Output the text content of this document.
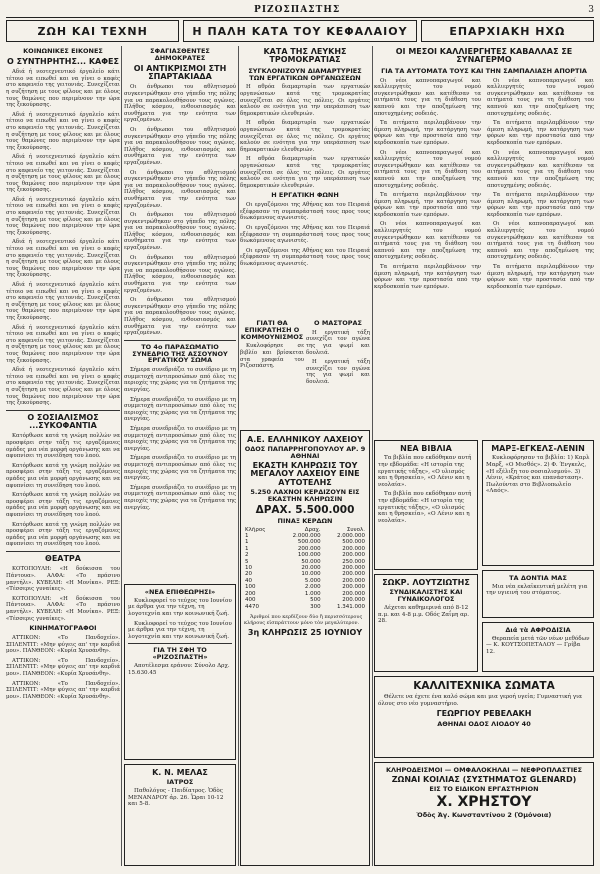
ΡΙΖΟΣΠΑΣΤΗΣ	3
ΖΩΗ ΚΑΙ ΤΕΧΝΗ	Η ΠΑΛΗ ΚΑΤΑ ΤΟΥ ΚΕΦΑΛΑΙΟΥ	ΕΠΑΡΧΙΑΚΗ ΗΧΩ
ΚΟΙΝΩΝΙΚΕΣ ΕΙΚΟΝΕΣ
Ο ΣΥΝΤΗΡΗΤΗΣ... ΚΑΦΕΣ

Αδιά ή νεοτεχνευτικό έργαλείο κάτι τέτοιο να ειπωθεί και να γίνει ο καφές στο καφενείο της γειτονιάς. Συνεχίζεται η συζήτηση με τους φίλους και με όλους τους θαμώνες που περιμένουν την ώρα της ξεκούρασης.

Αδιά ή νεοτεχνευτικό έργαλείο κάτι τέτοιο να ειπωθεί και να γίνει ο καφές στο καφενείο της γειτονιάς. Συνεχίζεται η συζήτηση με τους φίλους και με όλους τους θαμώνες που περιμένουν την ώρα της ξεκούρασης.

Αδιά ή νεοτεχνευτικό έργαλείο κάτι τέτοιο να ειπωθεί και να γίνει ο καφές στο καφενείο της γειτονιάς. Συνεχίζεται η συζήτηση με τους φίλους και με όλους τους θαμώνες που περιμένουν την ώρα της ξεκούρασης.

Αδιά ή νεοτεχνευτικό έργαλείο κάτι τέτοιο να ειπωθεί και να γίνει ο καφές στο καφενείο της γειτονιάς. Συνεχίζεται η συζήτηση με τους φίλους και με όλους τους θαμώνες που περιμένουν την ώρα της ξεκούρασης.

Αδιά ή νεοτεχνευτικό έργαλείο κάτι τέτοιο να ειπωθεί και να γίνει ο καφές στο καφενείο της γειτονιάς. Συνεχίζεται η συζήτηση με τους φίλους και με όλους τους θαμώνες που περιμένουν την ώρα της ξεκούρασης.

Αδιά ή νεοτεχνευτικό έργαλείο κάτι τέτοιο να ειπωθεί και να γίνει ο καφές στο καφενείο της γειτονιάς. Συνεχίζεται η συζήτηση με τους φίλους και με όλους τους θαμώνες που περιμένουν την ώρα της ξεκούρασης.

Αδιά ή νεοτεχνευτικό έργαλείο κάτι τέτοιο να ειπωθεί και να γίνει ο καφές στο καφενείο της γειτονιάς. Συνεχίζεται η συζήτηση με τους φίλους και με όλους τους θαμώνες που περιμένουν την ώρα της ξεκούρασης.

Αδιά ή νεοτεχνευτικό έργαλείο κάτι τέτοιο να ειπωθεί και να γίνει ο καφές στο καφενείο της γειτονιάς. Συνεχίζεται η συζήτηση με τους φίλους και με όλους τους θαμώνες που περιμένουν την ώρα της ξεκούρασης.

Ο ΣΟΣΙΑΛΙΣΜΟΣ ...ΣΥΚΟΦΑΝΤΙΑ

Κατόρθωσε κατά τη γνώμη πολλών να προσφέρει στην τάξη τις εργαζόμενες ομάδες μια νέα μορφή οργάνωσης και να αφυπνίσει τη συνείδηση του λαού.

Κατόρθωσε κατά τη γνώμη πολλών να προσφέρει στην τάξη τις εργαζόμενες ομάδες μια νέα μορφή οργάνωσης και να αφυπνίσει τη συνείδηση του λαού.

Κατόρθωσε κατά τη γνώμη πολλών να προσφέρει στην τάξη τις εργαζόμενες ομάδες μια νέα μορφή οργάνωσης και να αφυπνίσει τη συνείδηση του λαού.

Κατόρθωσε κατά τη γνώμη πολλών να προσφέρει στην τάξη τις εργαζόμενες ομάδες μια νέα μορφή οργάνωσης και να αφυπνίσει τη συνείδηση του λαού.

ΘΕΑΤΡΑ

ΚΟΤΟΠΟΥΛΗ: «Η δούκισσα του Πάντουα». ΑΛΦΑ: «Το πράσινο μαντήλι». ΚΥΒΕΛΗ: «Η Μονίκα». ΡΕΞ: «Τέσσερις γυναίκες».

ΚΟΤΟΠΟΥΛΗ: «Η δούκισσα του Πάντουα». ΑΛΦΑ: «Το πράσινο μαντήλι». ΚΥΒΕΛΗ: «Η Μονίκα». ΡΕΞ: «Τέσσερις γυναίκες».

ΚΙΝΗΜΑΤΟΓΡΑΦΟΙ

ΑΤΤΙΚΟΝ: «Το Πανδοχείο». ΣΠΛΕΝΤΙΤ: «Μην φύγεις απ' την καρδιά μου». ΠΑΝΘΕΟΝ: «Κυρία Χρυσάνθη».

ΑΤΤΙΚΟΝ: «Το Πανδοχείο». ΣΠΛΕΝΤΙΤ: «Μην φύγεις απ' την καρδιά μου». ΠΑΝΘΕΟΝ: «Κυρία Χρυσάνθη».

ΑΤΤΙΚΟΝ: «Το Πανδοχείο». ΣΠΛΕΝΤΙΤ: «Μην φύγεις απ' την καρδιά μου». ΠΑΝΘΕΟΝ: «Κυρία Χρυσάνθη».

ΣΦΑΓΙΑΣΘΕΝΤΕΣ ΔΗΜΟΚΡΑΤΕΣ
ΟΙ ΑΝΤΙΚΡΙΣΜΟΙ ΣΤΗ ΣΠΑΡΤΑΚΙΑΔΑ

Οι άνθρωποι του αθλητισμού συγκεντρώθηκαν στο γήπεδο της πόλης για να παρακολουθήσουν τους αγώνες. Πλήθος κόσμου, ενθουσιασμός και συνθήματα για την ενότητα των εργαζομένων.

Οι άνθρωποι του αθλητισμού συγκεντρώθηκαν στο γήπεδο της πόλης για να παρακολουθήσουν τους αγώνες. Πλήθος κόσμου, ενθουσιασμός και συνθήματα για την ενότητα των εργαζομένων.

Οι άνθρωποι του αθλητισμού συγκεντρώθηκαν στο γήπεδο της πόλης για να παρακολουθήσουν τους αγώνες. Πλήθος κόσμου, ενθουσιασμός και συνθήματα για την ενότητα των εργαζομένων.

Οι άνθρωποι του αθλητισμού συγκεντρώθηκαν στο γήπεδο της πόλης για να παρακολουθήσουν τους αγώνες. Πλήθος κόσμου, ενθουσιασμός και συνθήματα για την ενότητα των εργαζομένων.

Οι άνθρωποι του αθλητισμού συγκεντρώθηκαν στο γήπεδο της πόλης για να παρακολουθήσουν τους αγώνες. Πλήθος κόσμου, ενθουσιασμός και συνθήματα για την ενότητα των εργαζομένων.

Οι άνθρωποι του αθλητισμού συγκεντρώθηκαν στο γήπεδο της πόλης για να παρακολουθήσουν τους αγώνες. Πλήθος κόσμου, ενθουσιασμός και συνθήματα για την ενότητα των εργαζομένων.

ΤΟ 4ο ΠΑΡΑΣΩΜΑΤΙΟ ΣΥΝΕΔΡΙΟ ΤΗΣ ΑΣΣΟΥΝΟΥ ΕΡΓΑΤΙΚΟΥ ΣΩΜΑ

Σήμερα συνεδριάζει το συνέδριο με τη συμμετοχή αντιπροσώπων από όλες τις περιοχές της χώρας για τα ζητήματα της ανεργίας.

Σήμερα συνεδριάζει το συνέδριο με τη συμμετοχή αντιπροσώπων από όλες τις περιοχές της χώρας για τα ζητήματα της ανεργίας.

Σήμερα συνεδριάζει το συνέδριο με τη συμμετοχή αντιπροσώπων από όλες τις περιοχές της χώρας για τα ζητήματα της ανεργίας.

Σήμερα συνεδριάζει το συνέδριο με τη συμμετοχή αντιπροσώπων από όλες τις περιοχές της χώρας για τα ζητήματα της ανεργίας.

Σήμερα συνεδριάζει το συνέδριο με τη συμμετοχή αντιπροσώπων από όλες τις περιοχές της χώρας για τα ζητήματα της ανεργίας.

«ΝΕΑ ΕΠΙΘΕΩΡΗΣΙ»

Κυκλοφορεί το τεύχος του Ιουνίου με άρθρα για την τέχνη, τη λογοτεχνία και την κοινωνική ζωή.

Κυκλοφορεί το τεύχος του Ιουνίου με άρθρα για την τέχνη, τη λογοτεχνία και την κοινωνική ζωή.

ΓΙΑ ΤΗ ΣΦΗ ΤΟ «ΡΙΖΟΣΠΑΣΤΗ»

Αποτέλεσμα εράνου: Σύνολο Δρχ. 15.630.45

Κ. Ν. ΜΕΛΑΣ
ΙΑΤΡΟΣ

Παθολόγος - Παιδίατρος. Ὁδὸς ΜΕΝΑΝΔΡΟΥ ἀρ. 26. Ὧραι 10-12 και 5-8.

ΚΑΤΑ ΤΗΣ ΛΕΥΚΗΣ ΤΡΟΜΟΚΡΑΤΙΑΣ
ΣΥΓΚΛΟΝΙΖΟΥΝ ΔΙΑΜΑΡΤΥΡΙΕΣ ΤΩΝ ΕΡΓΑΤΙΚΩΝ ΟΡΓΑΝΩΣΕΩΝ

Η αθρόα διαμαρτυρία των εργατικών οργανώσεων κατά της τρομοκρατίας συνεχίζεται σε όλες τις πόλεις. Οι εργάτες καλούν σε ενότητα για την υπεράσπιση των δημοκρατικών ελευθεριών.

Η αθρόα διαμαρτυρία των εργατικών οργανώσεων κατά της τρομοκρατίας συνεχίζεται σε όλες τις πόλεις. Οι εργάτες καλούν σε ενότητα για την υπεράσπιση των δημοκρατικών ελευθεριών.

Η αθρόα διαμαρτυρία των εργατικών οργανώσεων κατά της τρομοκρατίας συνεχίζεται σε όλες τις πόλεις. Οι εργάτες καλούν σε ενότητα για την υπεράσπιση των δημοκρατικών ελευθεριών.

Η ΕΡΓΑΤΙΚΗ ΦΩΝΗ

Οι εργαζόμενοι της Αθήνας και του Πειραιά εξέφρασαν τη συμπαράστασή τους προς τους διωκόμενους αγωνιστές.

Οι εργαζόμενοι της Αθήνας και του Πειραιά εξέφρασαν τη συμπαράστασή τους προς τους διωκόμενους αγωνιστές.

Οι εργαζόμενοι της Αθήνας και του Πειραιά εξέφρασαν τη συμπαράστασή τους προς τους διωκόμενους αγωνιστές.

ΓΙΑΤΙ ΘΑ ΕΠΙΚΡΑΤΗΣΗ Ο ΚΟΜΜΟΥΝΙΣΜΟΣ

Κυκλοφόρησε σε βιβλίο και βρίσκεται στα γραφεία του Ριζοσπάστη.

Ο ΜΑΣΤΟΡΑΣ

Η εργατική τάξη συνεχίζει τον αγώνα της για ψωμί και δουλειά.

Η εργατική τάξη συνεχίζει τον αγώνα της για ψωμί και δουλειά.

Α.Ε. ΕΛΛΗΝΙΚΟΥ ΛΑΧΕΙΟΥ
ΟΔΟΣ ΠΑΠΑΡΡΗΓΟΠΟΥΛΟΥ ΑΡ. 9 ΑΘΗΝΑΙ
ΕΚΑΣΤΗ ΚΛΗΡΩΣΙΣ ΤΟΥ ΜΕΓΑΛΟΥ ΛΑΧΕΙΟΥ ΕΙΝΕ ΑΥΤΟΤΕΛΗΣ
5.250 ΛΑΧΝΟΙ ΚΕΡΔΙΖΟΥΝ ΕΙΣ ΕΚΑΣΤΗΝ ΚΛΗΡΩΣΙΝ
ΔΡΑΧ. 5.500.000
ΠΙΝΑΞ ΚΕΡΔΩΝ
Κλῆρος	Δραχ.	Συνολ.
1	2.000.000	2.000.000
1	500.000	500.000
1	200.000	200.000
2	100.000	200.000
5	50.000	250.000
10	20.000	200.000
20	10.000	200.000
40	5.000	200.000
100	2.000	200.000
200	1.000	200.000
400	500	200.000
4470	300	1.341.000

Ἀριθμοί που κερδίζουν δύο ἢ περισσότερους κλήρους εἰσπράττουν μόνο τὸν μεγαλύτερον.

3η ΚΛΗΡΩΣΙΣ 25 ΙΟΥΝΙΟΥ
ΟΙ ΜΕΣΟΙ ΚΑΛΛΙΕΡΓΗΤΕΣ ΚΑΒΑΛΛΑΣ ΣΕ ΣΥΝΑΓΕΡΜΟ
ΓΙΑ ΤΑ ΑΥΤΟΜΑΤΑ ΤΟΥΣ ΚΑΙ ΤΗΝ ΣΑΜΠΑΛΙΑΣΗ ΑΠΟΡΤΙΑ

Οι νέοι καπνοπαραγωγοί και καλλιεργητές του νομού συγκεντρώθηκαν και κατέθεσαν τα αιτήματά τους για τη διάθεση του καπνού και την αποζημίωση της αποτυχημένης σοδειάς.

Τα αιτήματα περιλαμβάνουν την άμεση πληρωμή, την κατάργηση των φόρων και την προστασία από την κερδοσκοπία των εμπόρων.

Οι νέοι καπνοπαραγωγοί και καλλιεργητές του νομού συγκεντρώθηκαν και κατέθεσαν τα αιτήματά τους για τη διάθεση του καπνού και την αποζημίωση της αποτυχημένης σοδειάς.

Τα αιτήματα περιλαμβάνουν την άμεση πληρωμή, την κατάργηση των φόρων και την προστασία από την κερδοσκοπία των εμπόρων.

Οι νέοι καπνοπαραγωγοί και καλλιεργητές του νομού συγκεντρώθηκαν και κατέθεσαν τα αιτήματά τους για τη διάθεση του καπνού και την αποζημίωση της αποτυχημένης σοδειάς.

Τα αιτήματα περιλαμβάνουν την άμεση πληρωμή, την κατάργηση των φόρων και την προστασία από την κερδοσκοπία των εμπόρων.

Οι νέοι καπνοπαραγωγοί και καλλιεργητές του νομού συγκεντρώθηκαν και κατέθεσαν τα αιτήματά τους για τη διάθεση του καπνού και την αποζημίωση της αποτυχημένης σοδειάς.

Τα αιτήματα περιλαμβάνουν την άμεση πληρωμή, την κατάργηση των φόρων και την προστασία από την κερδοσκοπία των εμπόρων.

Οι νέοι καπνοπαραγωγοί και καλλιεργητές του νομού συγκεντρώθηκαν και κατέθεσαν τα αιτήματά τους για τη διάθεση του καπνού και την αποζημίωση της αποτυχημένης σοδειάς.

Τα αιτήματα περιλαμβάνουν την άμεση πληρωμή, την κατάργηση των φόρων και την προστασία από την κερδοσκοπία των εμπόρων.

Οι νέοι καπνοπαραγωγοί και καλλιεργητές του νομού συγκεντρώθηκαν και κατέθεσαν τα αιτήματά τους για τη διάθεση του καπνού και την αποζημίωση της αποτυχημένης σοδειάς.

Τα αιτήματα περιλαμβάνουν την άμεση πληρωμή, την κατάργηση των φόρων και την προστασία από την κερδοσκοπία των εμπόρων.

ΝΕΑ ΒΙΒΛΙΑ

Τα βιβλία που εκδόθηκαν αυτή την εβδομάδα: «Η ιστορία της εργατικής τάξης», «Ο υλισμός και η θρησκεία», «Ο Λένιν και η νεολαία».

Τα βιβλία που εκδόθηκαν αυτή την εβδομάδα: «Η ιστορία της εργατικής τάξης», «Ο υλισμός και η θρησκεία», «Ο Λένιν και η νεολαία».

ΜΑΡΞ-ΕΓΚΕΛΣ-ΛΕΝΙΝ

Κυκλοφόρησαν τα βιβλία: 1) Καρλ Μαρξ, «Ο Μισθός». 2) Φ. Ένγκελς, «Η εξέλιξη του σοσιαλισμού». 3) Λένιν, «Κράτος και επανάσταση». Πωλούνται στο Βιβλιοπωλείο «Λαός».

ΣΩΚΡ. ΛΟΥΤΖΙΩΤΗΣ
ΣΥΝΔΙΚΑΛΙΣΤΗΣ ΚΑΙ ΓΥΝΑΙΚΟΛΟΓΟΣ

Δέχεται καθημερινά από 8-12 π.μ. και 4-8 μ.μ. Οδός Ζαΐμη αρ. 28.

ΤΑ ΔΟΝΤΙΑ ΜΑΣ

Μια νέα εκλαϊκευτική μελέτη για την υγιεινή του στόματος.

Διά τὰ ΑΦΡΟΔΙΣΙΑ

Θεραπεία μετά τῶν νέων μεθόδων — Κ. ΚΟΥΤΣΟΠΕΤΑΛΟΥ — Γρίβα 12.

ΚΑΛΛΙΤΕΧΝΙΚΑ ΣΩΜΑΤΑ

Θέλετε να έχετε ένα καλό σώμα και μια γεροή υγεία; Γυμναστική για όλους στο νέο γυμναστήριο.

ΓΕΩΡΓΙΟΥ ΡΕΒΕΛΑΚΗ
ΑΘΗΝΑΙ ΟΔΟΣ ΛΙΟΔΟΥ 40
ΚΛΗΡΟΔΕΙΣΜΟΙ — ΟΜΦΑΛΟΚΗΛΑΙ — ΝΕΦΡΟΠΛΑΣΤΙΕΣ
ΖΩΝΑΙ ΚΟΙΛΙΑΣ (ΣΥΣΤΗΜΑΤΟΣ GLENARD)
ΕΙΣ ΤΟ ΕΙΔΙΚΟΝ ΕΡΓΑΣΤΗΡΙΟΝ
Χ. ΧΡΗΣΤΟΥ
Ὁδὸς Ἁγ. Κωνσταντίνου 2 (Ὁμόνοια)
